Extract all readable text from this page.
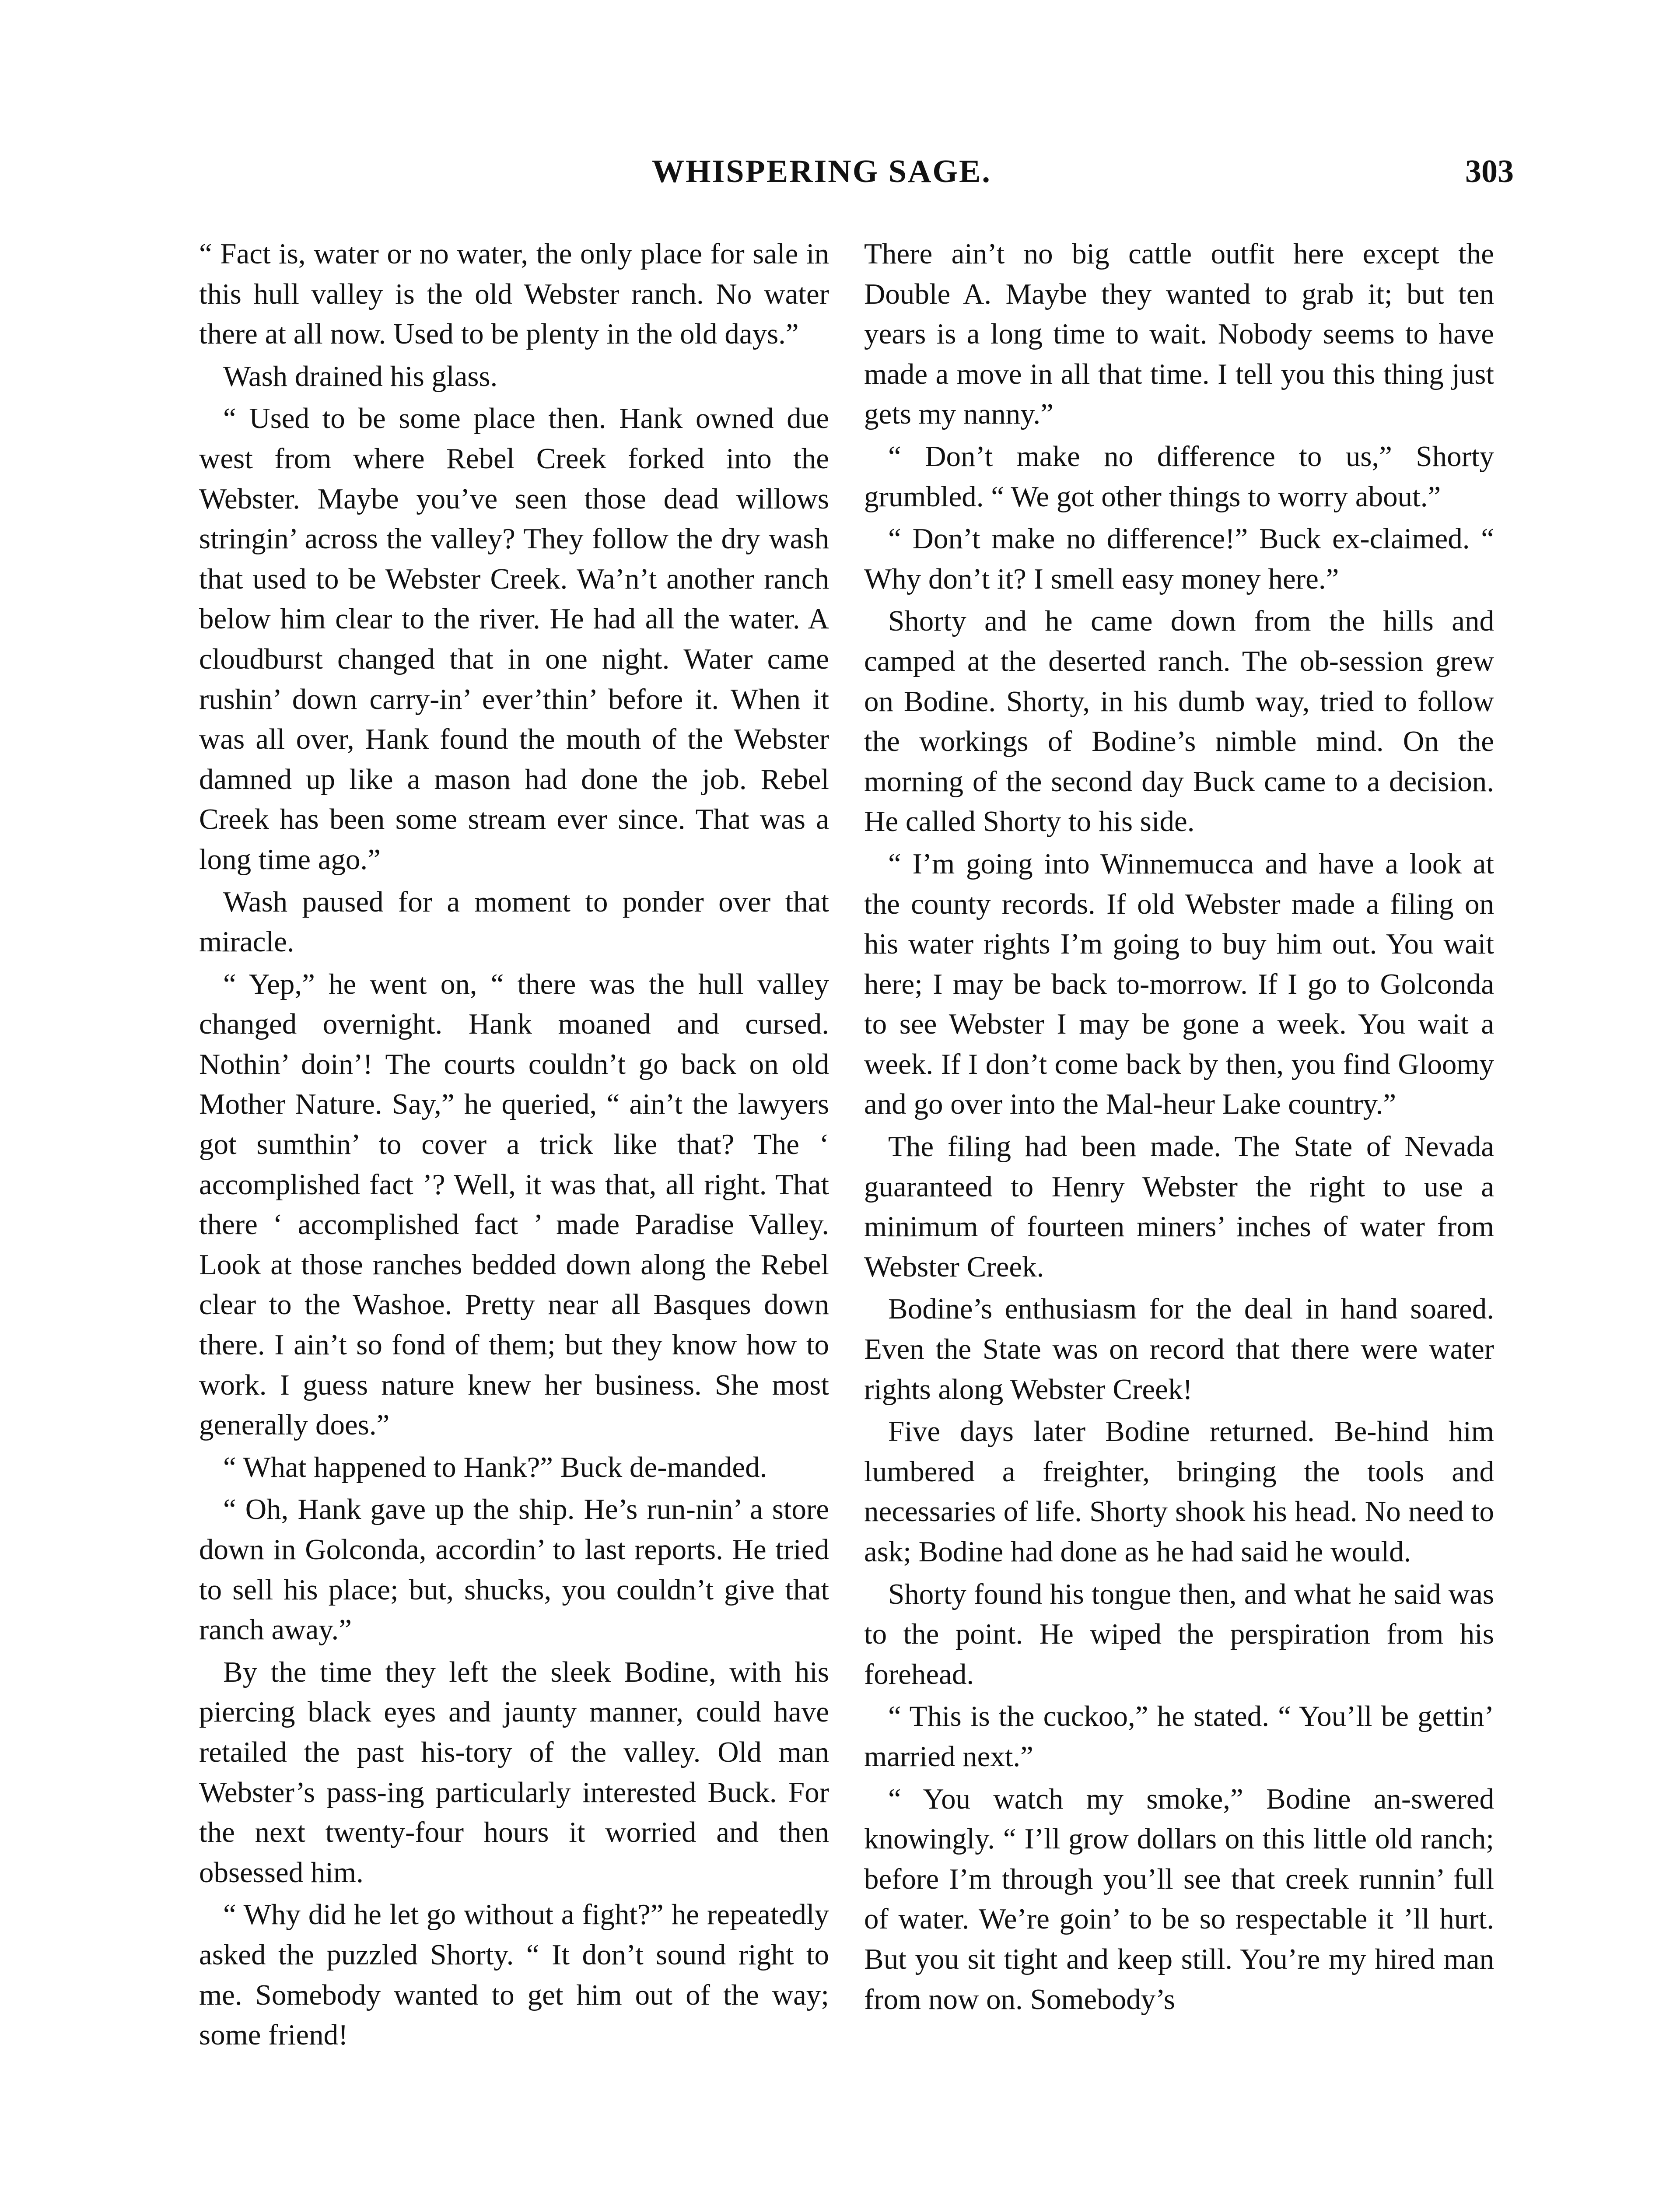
WHISPERING SAGE.	303

“ Fact is, water or no water, the only place for sale in this hull valley is the old Webster ranch. No water there at all now. Used to be plenty in the old days.”

Wash drained his glass.

“ Used to be some place then. Hank owned due west from where Rebel Creek forked into the Webster. Maybe you’ve seen those dead willows stringin’ across the valley? They follow the dry wash that used to be Webster Creek. Wa’n’t another ranch below him clear to the river. He had all the water. A cloudburst changed that in one night. Water came rushin’ down carry-in’ ever’thin’ before it. When it was all over, Hank found the mouth of the Webster damned up like a mason had done the job. Rebel Creek has been some stream ever since. That was a long time ago.”

Wash paused for a moment to ponder over that miracle.

“ Yep,” he went on, “ there was the hull valley changed overnight. Hank moaned and cursed. Nothin’ doin’! The courts couldn’t go back on old Mother Nature. Say,” he queried, “ ain’t the lawyers got sumthin’ to cover a trick like that? The ‘ accomplished fact ’? Well, it was that, all right. That there ‘ accomplished fact ’ made Paradise Valley. Look at those ranches bedded down along the Rebel clear to the Washoe. Pretty near all Basques down there. I ain’t so fond of them; but they know how to work. I guess nature knew her business. She most generally does.”

“ What happened to Hank?” Buck de-manded.

“ Oh, Hank gave up the ship. He’s run-nin’ a store down in Golconda, accordin’ to last reports. He tried to sell his place; but, shucks, you couldn’t give that ranch away.”

By the time they left the sleek Bodine, with his piercing black eyes and jaunty manner, could have retailed the past his-tory of the valley. Old man Webster’s pass-ing particularly interested Buck. For the next twenty-four hours it worried and then obsessed him.

“ Why did he let go without a fight?” he repeatedly asked the puzzled Shorty. “ It don’t sound right to me. Somebody wanted to get him out of the way; some friend!

There ain’t no big cattle outfit here except the Double A. Maybe they wanted to grab it; but ten years is a long time to wait. Nobody seems to have made a move in all that time. I tell you this thing just gets my nanny.”

“ Don’t make no difference to us,” Shorty grumbled. “ We got other things to worry about.”

“ Don’t make no difference!” Buck ex-claimed. “ Why don’t it? I smell easy money here.”

Shorty and he came down from the hills and camped at the deserted ranch. The ob-session grew on Bodine. Shorty, in his dumb way, tried to follow the workings of Bodine’s nimble mind. On the morning of the second day Buck came to a decision. He called Shorty to his side.

“ I’m going into Winnemucca and have a look at the county records. If old Webster made a filing on his water rights I’m going to buy him out. You wait here; I may be back to-morrow. If I go to Golconda to see Webster I may be gone a week. You wait a week. If I don’t come back by then, you find Gloomy and go over into the Mal-heur Lake country.”

The filing had been made. The State of Nevada guaranteed to Henry Webster the right to use a minimum of fourteen miners’ inches of water from Webster Creek.

Bodine’s enthusiasm for the deal in hand soared. Even the State was on record that there were water rights along Webster Creek!

Five days later Bodine returned. Be-hind him lumbered a freighter, bringing the tools and necessaries of life. Shorty shook his head. No need to ask; Bodine had done as he had said he would.

Shorty found his tongue then, and what he said was to the point. He wiped the perspiration from his forehead.

“ This is the cuckoo,” he stated. “ You’ll be gettin’ married next.”

“ You watch my smoke,” Bodine an-swered knowingly. “ I’ll grow dollars on this little old ranch; before I’m through you’ll see that creek runnin’ full of water. We’re goin’ to be so respectable it ’ll hurt. But you sit tight and keep still. You’re my hired man from now on. Somebody’s
